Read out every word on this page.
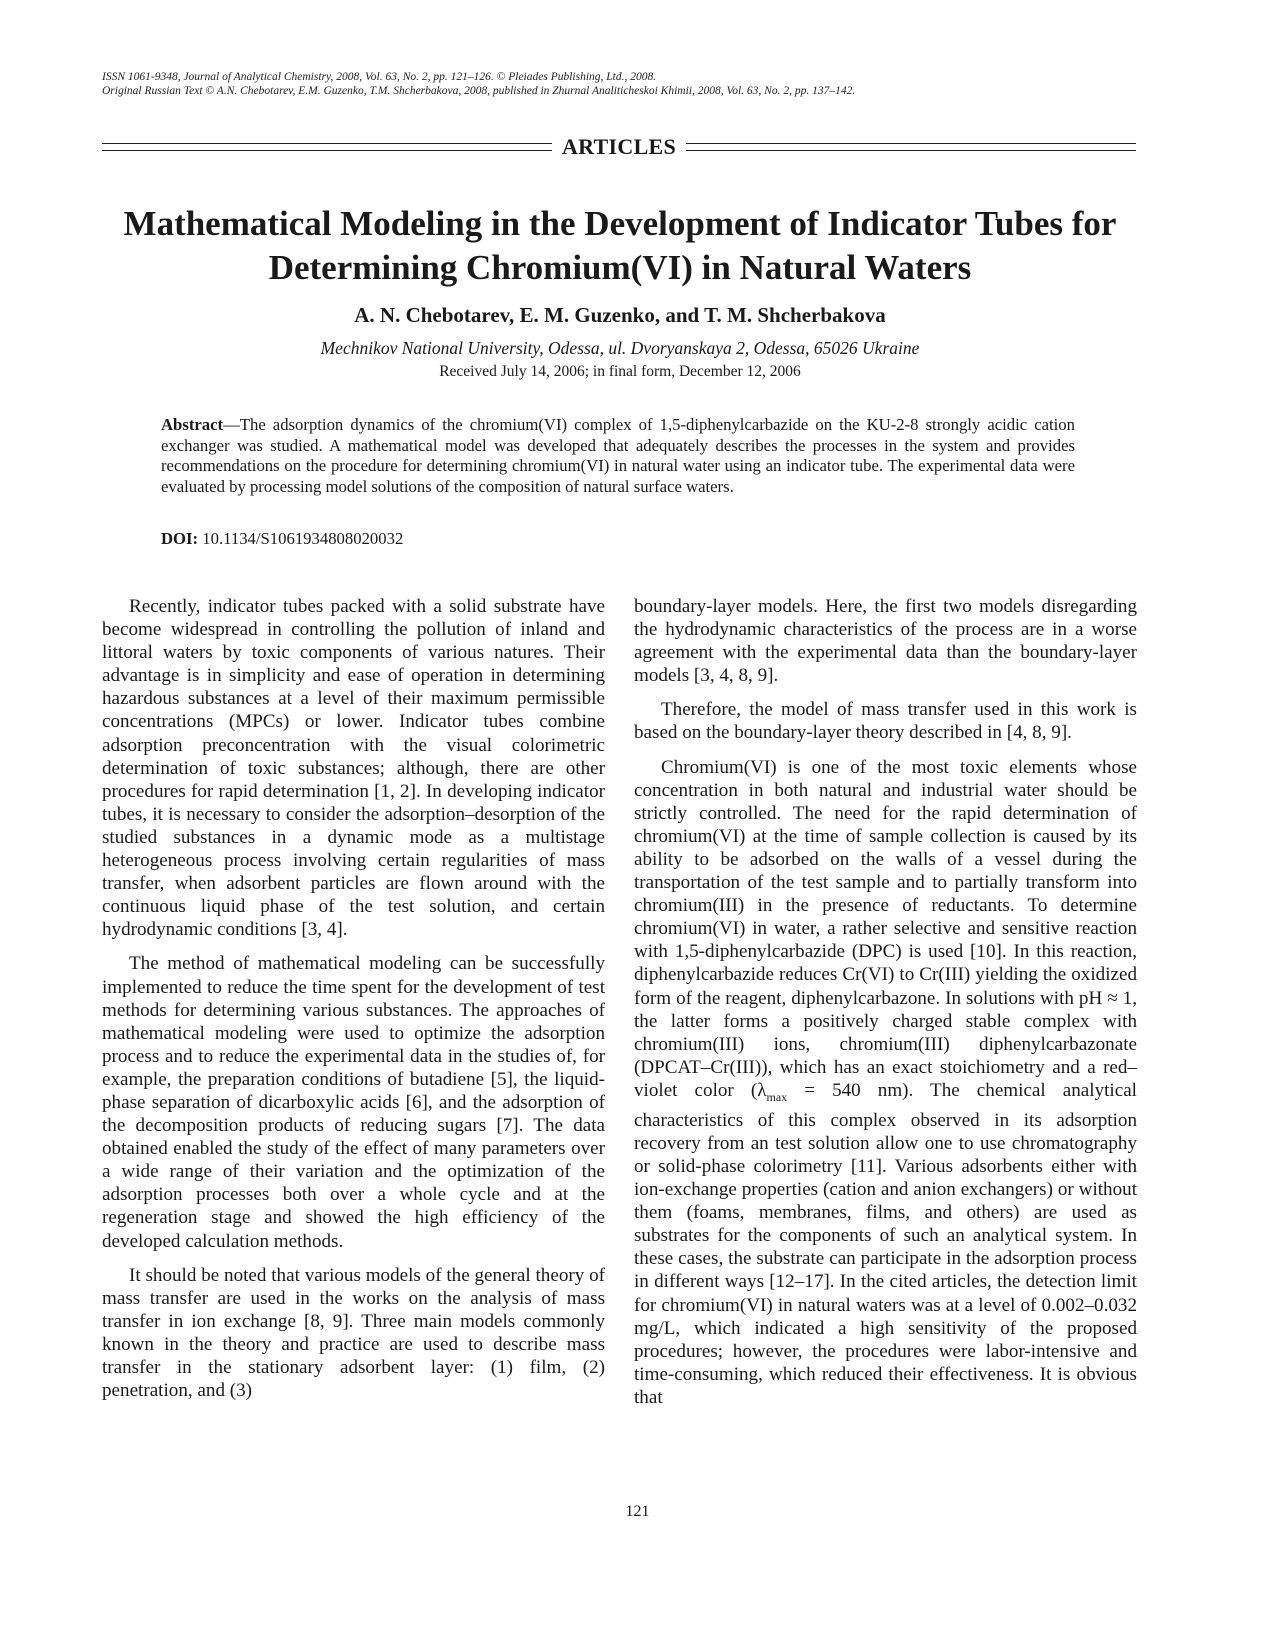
ISSN 1061-9348, Journal of Analytical Chemistry, 2008, Vol. 63, No. 2, pp. 121–126. © Pleiades Publishing, Ltd., 2008.
Original Russian Text © A.N. Chebotarev, E.M. Guzenko, T.M. Shcherbakova, 2008, published in Zhurnal Analiticheskoi Khimii, 2008, Vol. 63, No. 2, pp. 137–142.
ARTICLES
Mathematical Modeling in the Development of Indicator Tubes for Determining Chromium(VI) in Natural Waters
A. N. Chebotarev, E. M. Guzenko, and T. M. Shcherbakova
Mechnikov National University, Odessa, ul. Dvoryanskaya 2, Odessa, 65026 Ukraine
Received July 14, 2006; in final form, December 12, 2006

Abstract—The adsorption dynamics of the chromium(VI) complex of 1,5-diphenylcarbazide on the KU-2-8 strongly acidic cation exchanger was studied. A mathematical model was developed that adequately describes the processes in the system and provides recommendations on the procedure for determining chromium(VI) in natural water using an indicator tube. The experimental data were evaluated by processing model solutions of the composition of natural surface waters.

DOI: 10.1134/S1061934808020032

Recently, indicator tubes packed with a solid substrate have become widespread in controlling the pollution of inland and littoral waters by toxic components of various natures. Their advantage is in simplicity and ease of operation in determining hazardous substances at a level of their maximum permissible concentrations (MPCs) or lower. Indicator tubes combine adsorption preconcentration with the visual colorimetric determination of toxic substances; although, there are other procedures for rapid determination [1, 2]. In developing indicator tubes, it is necessary to consider the adsorption–desorption of the studied substances in a dynamic mode as a multistage heterogeneous process involving certain regularities of mass transfer, when adsorbent particles are flown around with the continuous liquid phase of the test solution, and certain hydrodynamic conditions [3, 4].

The method of mathematical modeling can be successfully implemented to reduce the time spent for the development of test methods for determining various substances. The approaches of mathematical modeling were used to optimize the adsorption process and to reduce the experimental data in the studies of, for example, the preparation conditions of butadiene [5], the liquid-phase separation of dicarboxylic acids [6], and the adsorption of the decomposition products of reducing sugars [7]. The data obtained enabled the study of the effect of many parameters over a wide range of their variation and the optimization of the adsorption processes both over a whole cycle and at the regeneration stage and showed the high efficiency of the developed calculation methods.

It should be noted that various models of the general theory of mass transfer are used in the works on the analysis of mass transfer in ion exchange [8, 9]. Three main models commonly known in the theory and practice are used to describe mass transfer in the stationary adsorbent layer: (1) film, (2) penetration, and (3)

boundary-layer models. Here, the first two models disregarding the hydrodynamic characteristics of the process are in a worse agreement with the experimental data than the boundary-layer models [3, 4, 8, 9].

Therefore, the model of mass transfer used in this work is based on the boundary-layer theory described in [4, 8, 9].

Chromium(VI) is one of the most toxic elements whose concentration in both natural and industrial water should be strictly controlled. The need for the rapid determination of chromium(VI) at the time of sample collection is caused by its ability to be adsorbed on the walls of a vessel during the transportation of the test sample and to partially transform into chromium(III) in the presence of reductants. To determine chromium(VI) in water, a rather selective and sensitive reaction with 1,5-diphenylcarbazide (DPC) is used [10]. In this reaction, diphenylcarbazide reduces Cr(VI) to Cr(III) yielding the oxidized form of the reagent, diphenylcarbazone. In solutions with pH ≈ 1, the latter forms a positively charged stable complex with chromium(III) ions, chromium(III) diphenylcarbazonate (DPCAT–Cr(III)), which has an exact stoichiometry and a red–violet color ($\lambda_{max} = 540$ nm). The chemical analytical characteristics of this complex observed in its adsorption recovery from an test solution allow one to use chromatography or solid-phase colorimetry [11]. Various adsorbents either with ion-exchange properties (cation and anion exchangers) or without them (foams, membranes, films, and others) are used as substrates for the components of such an analytical system. In these cases, the substrate can participate in the adsorption process in different ways [12–17]. In the cited articles, the detection limit for chromium(VI) in natural waters was at a level of 0.002–0.032 mg/L, which indicated a high sensitivity of the proposed procedures; however, the procedures were labor-intensive and time-consuming, which reduced their effectiveness. It is obvious that

121
